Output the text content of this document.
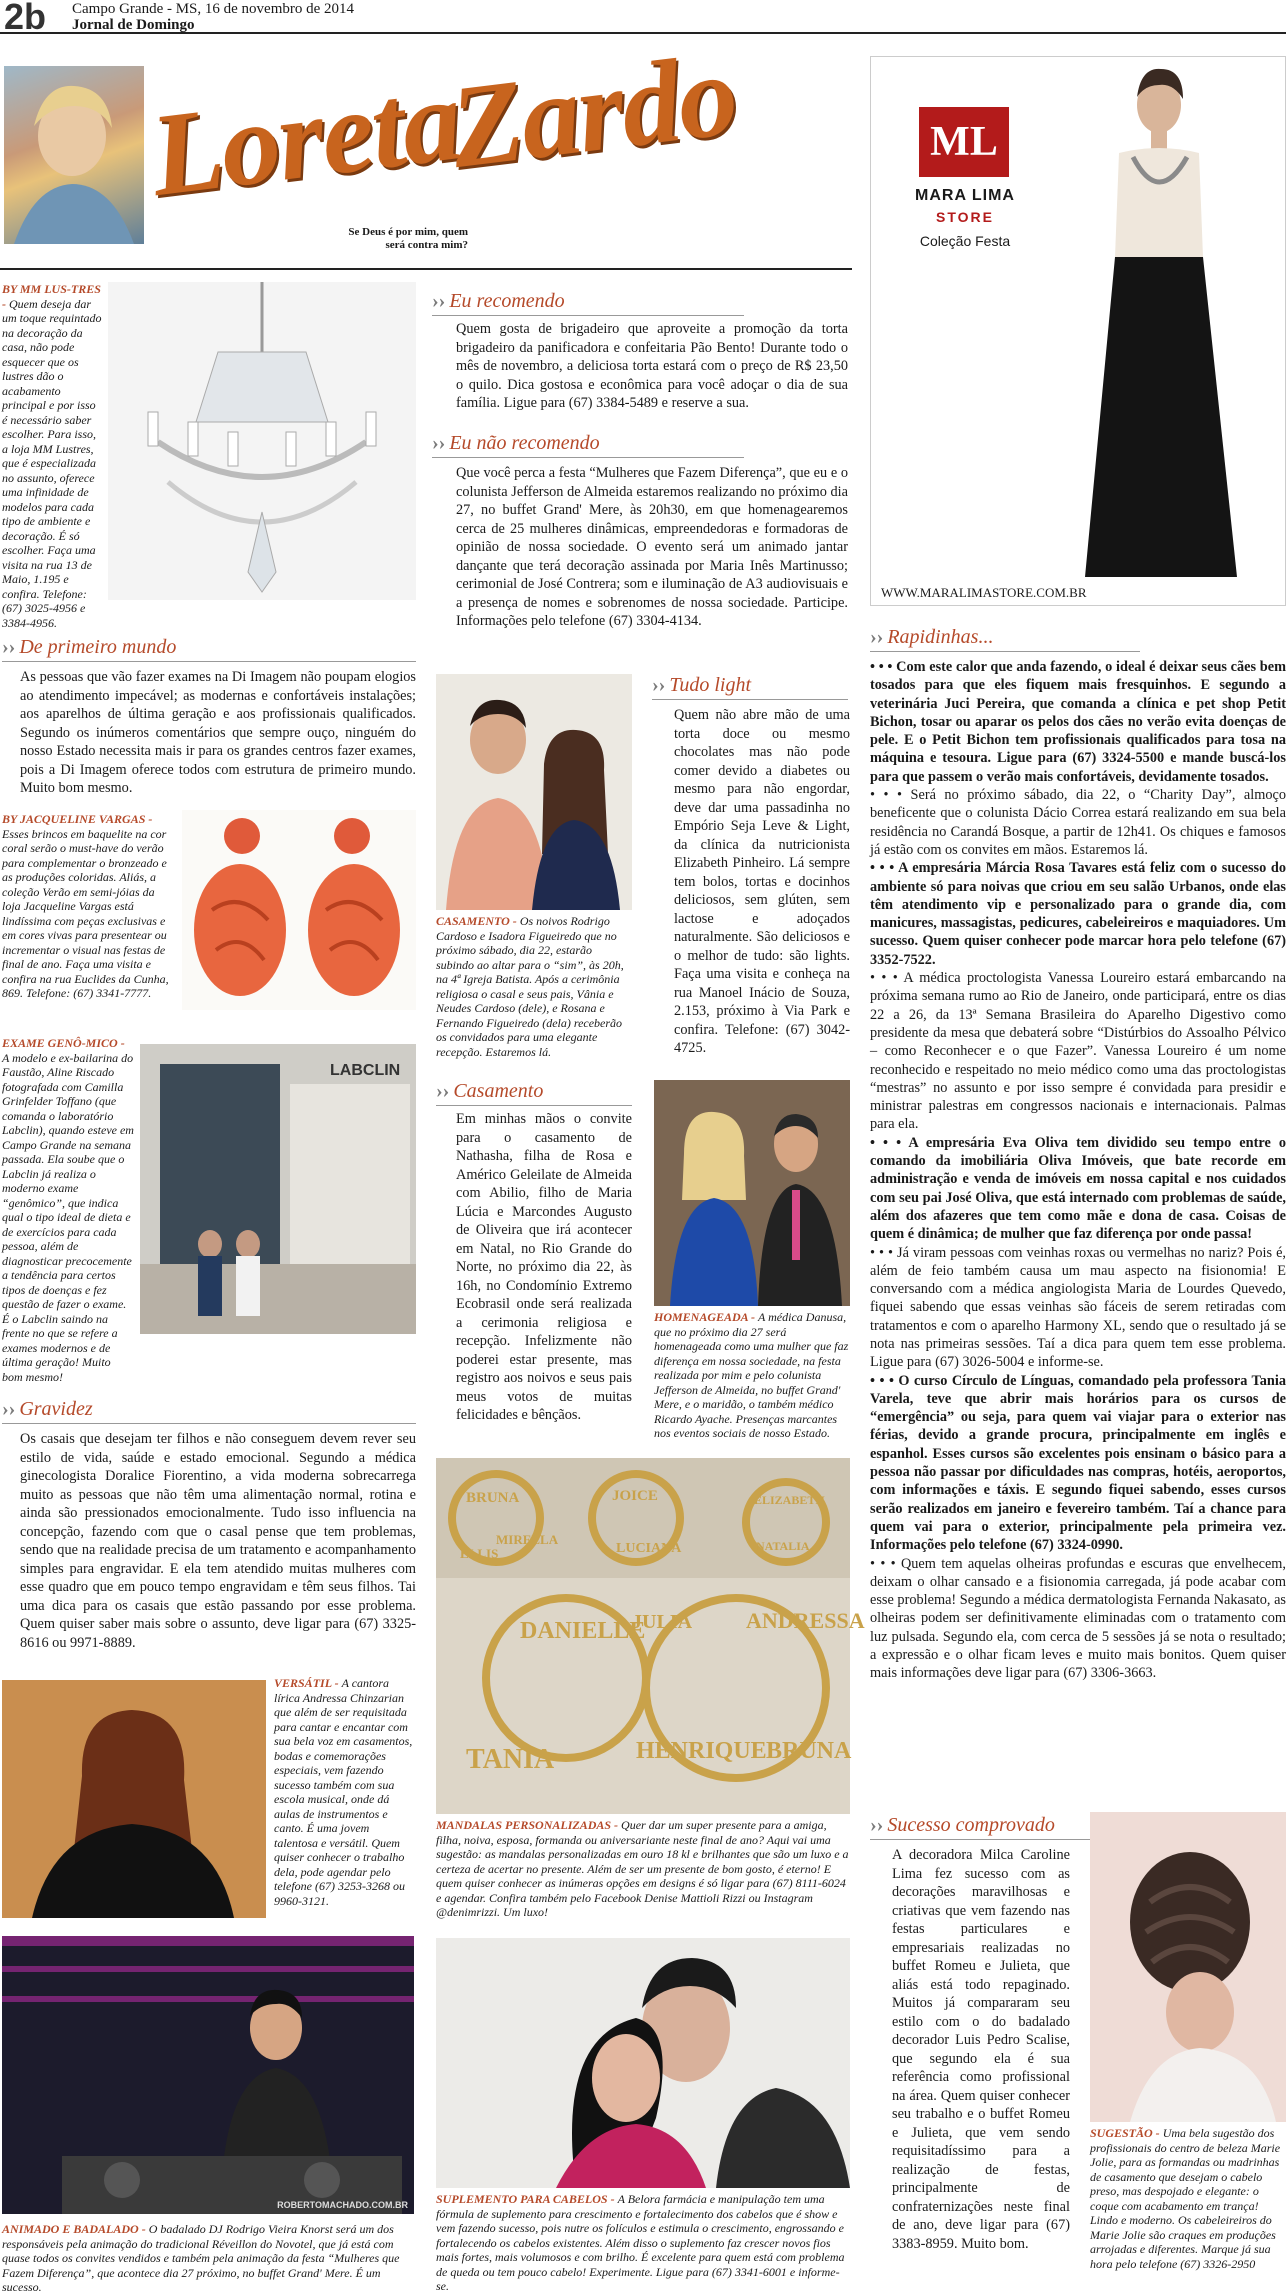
2b Campo Grande - MS, 16 de novembro de 2014
Jornal de Domingo
Loreta
Zardo
Se Deus é por mim, quem será contra mim?
ML
MARA LIMA
STORE
Coleção Festa
WWW.MARALIMASTORE.COM.BR
BY MM LUS-TRES - Quem deseja dar um toque requintado na decoração da casa, não pode esquecer que os lustres dão o acabamento principal e por isso é necessário saber escolher. Para isso, a loja MM Lustres, que é especializada no assunto, oferece uma infinidade de modelos para cada tipo de ambiente e decoração. É só escolher. Faça uma visita na rua 13 de Maio, 1.195 e confira. Telefone: (67) 3025-4956 e 3384-4956.
›› Eu recomendo
Quem gosta de brigadeiro que aproveite a promoção da torta brigadeiro da panificadora e confeitaria Pão Bento! Durante todo o mês de novembro, a deliciosa torta estará com o preço de R$ 23,50 o quilo. Dica gostosa e econômica para você adoçar o dia de sua família. Ligue para (67) 3384-5489 e reserve a sua.
›› Eu não recomendo
Que você perca a festa “Mulheres que Fazem Diferença”, que eu e o colunista Jefferson de Almeida estaremos realizando no próximo dia 27, no buffet Grand' Mere, às 20h30, em que homenagearemos cerca de 25 mulheres dinâmicas, empreendedoras e formadoras de opinião de nossa sociedade. O evento será um animado jantar dançante que terá decoração assinada por Maria Inês Martinusso; cerimonial de José Contrera; som e iluminação de A3 audiovisuais e a presença de nomes e sobrenomes de nossa sociedade. Participe. Informações pelo telefone (67) 3304-4134.
›› De primeiro mundo
As pessoas que vão fazer exames na Di Imagem não poupam elogios ao atendimento impecável; as modernas e confortáveis instalações; aos aparelhos de última geração e aos profissionais qualificados. Segundo os inúmeros comentários que sempre ouço, ninguém do nosso Estado necessita mais ir para os grandes centros fazer exames, pois a Di Imagem oferece todos com estrutura de primeiro mundo. Muito bom mesmo.
BY JACQUELINE VARGAS - Esses brincos em baquelite na cor coral serão o must-have do verão para complementar o bronzeado e as produções coloridas. Aliás, a coleção Verão em semi-jóias da loja Jacqueline Vargas está lindíssima com peças exclusivas e em cores vivas para presentear ou incrementar o visual nas festas de final de ano. Faça uma visita e confira na rua Euclides da Cunha, 869. Telefone: (67) 3341-7777.
EXAME GENÔ-MICO - A modelo e ex-bailarina do Faustão, Aline Riscado fotografada com Camilla Grinfelder Toffano (que comanda o laboratório Labclin), quando esteve em Campo Grande na semana passada. Ela soube que o Labclin já realiza o moderno exame “genômico”, que indica qual o tipo ideal de dieta e de exercícios para cada pessoa, além de diagnosticar precocemente a tendência para certos tipos de doenças e fez questão de fazer o exame. É o Labclin saindo na frente no que se refere a exames modernos e de última geração! Muito bom mesmo!
LABCLIN
CASAMENTO - Os noivos Rodrigo Cardoso e Isadora Figueiredo que no próximo sábado, dia 22, estarão subindo ao altar para o “sim”, às 20h, na 4ª Igreja Batista. Após a cerimônia religiosa o casal e seus pais, Vânia e Neudes Cardoso (dele), e Rosana e Fernando Figueiredo (dela) receberão os convidados para uma elegante recepção. Estaremos lá.
›› Tudo light
Quem não abre mão de uma torta doce ou mesmo chocolates mas não pode comer devido a diabetes ou mesmo para não engordar, deve dar uma passadinha no Empório Seja Leve & Light, da clínica da nutricionista Elizabeth Pinheiro. Lá sempre tem bolos, tortas e docinhos deliciosos, sem glúten, sem lactose e adoçados naturalmente. São deliciosos e o melhor de tudo: são lights. Faça uma visita e conheça na rua Manoel Inácio de Souza, 2.153, próximo à Via Park e confira. Telefone: (67) 3042-4725.
›› Casamento
Em minhas mãos o convite para o casamento de Nathasha, filha de Rosa e Américo Geleilate de Almeida com Abilio, filho de Maria Lúcia e Marcondes Augusto de Oliveira que irá acontecer em Natal, no Rio Grande do Norte, no próximo dia 22, às 16h, no Condomínio Extremo Ecobrasil onde será realizada a cerimonia religiosa e recepção. Infelizmente não poderei estar presente, mas registro aos noivos e seus pais meus votos de muitas felicidades e bênçãos.
HOMENAGEADA - A médica Danusa, que no próximo dia 27 será homenageada como uma mulher que faz diferença em nossa sociedade, na festa realizada por mim e pelo colunista Jefferson de Almeida, no buffet Grand' Mere, e o maridão, o também médico Ricardo Ayache. Presenças marcantes nos eventos sociais de nosso Estado.
›› Gravidez
Os casais que desejam ter filhos e não conseguem devem rever seu estilo de vida, saúde e estado emocional. Segundo a médica ginecologista Doralice Fiorentino, a vida moderna sobrecarrega muito as pessoas que não têm uma alimentação normal, rotina e ainda são pressionados emocionalmente. Tudo isso influencia na concepção, fazendo com que o casal pense que tem problemas, sendo que na realidade precisa de um tratamento e acompanhamento simples para engravidar. E ela tem atendido muitas mulheres com esse quadro que em pouco tempo engravidam e têm seus filhos. Tai uma dica para os casais que estão passando por esse problema. Quem quiser saber mais sobre o assunto, deve ligar para (67) 3325-8616 ou 9971-8889.
BRUNA	JOICE	ELIZABETH
MIRELLA
LUCIANA	NATALIA
ELLIS
DANIELLE
JULIA ANDRESSA
TANIA	HENRIQUE BRUNA
MANDALAS PERSONALIZADAS - Quer dar um super presente para a amiga, filha, noiva, esposa, formanda ou aniversariante neste final de ano? Aqui vai uma sugestão: as mandalas personalizadas em ouro 18 kl e brilhantes que são um luxo e a certeza de acertar no presente. Além de ser um presente de bom gosto, é eterno! E quem quiser conhecer as inúmeras opções em designs é só ligar para (67) 8111-6024 e agendar. Confira também pelo Facebook Denise Mattioli Rizzi ou Instagram @denimrizzi. Um luxo!
VERSÁTIL - A cantora lírica Andressa Chinzarian que além de ser requisitada para cantar e encantar com sua bela voz em casamentos, bodas e comemorações especiais, vem fazendo sucesso também com sua escola musical, onde dá aulas de instrumentos e canto. É uma jovem talentosa e versátil. Quem quiser conhecer o trabalho dela, pode agendar pelo telefone (67) 3253-3268 ou 9960-3121.
ROBERTOMACHADO.COM.BR
ANIMADO E BADALADO - O badalado DJ Rodrigo Vieira Knorst será um dos responsáveis pela animação do tradicional Réveillon do Novotel, que já está com quase todos os convites vendidos e também pela animação da festa “Mulheres que Fazem Diferença”, que acontece dia 27 próximo, no buffet Grand' Mere. É um sucesso.
SUPLEMENTO PARA CABELOS - A Belora farmácia e manipulação tem uma fórmula de suplemento para crescimento e fortalecimento dos cabelos que é show e vem fazendo sucesso, pois nutre os folículos e estimula o crescimento, engrossando e fortalecendo os cabelos existentes. Além disso o suplemento faz crescer novos fios mais fortes, mais volumosos e com brilho. É excelente para quem está com problema de queda ou tem pouco cabelo! Experimente. Ligue para (67) 3341-6001 e informe-se.
›› Rapidinhas...

• • • Com este calor que anda fazendo, o ideal é deixar seus cães bem tosados para que eles fiquem mais fresquinhos. E segundo a veterinária Juci Pereira, que comanda a clínica e pet shop Petit Bichon, tosar ou aparar os pelos dos cães no verão evita doenças de pele. E o Petit Bichon tem profissionais qualificados para tosa na máquina e tesoura. Ligue para (67) 3324-5500 e mande buscá-los para que passem o verão mais confortáveis, devidamente tosados.

• • • Será no próximo sábado, dia 22, o “Charity Day”, almoço beneficente que o colunista Dácio Correa estará realizando em sua bela residência no Carandá Bosque, a partir de 12h41. Os chiques e famosos já estão com os convites em mãos. Estaremos lá.

• • • A empresária Márcia Rosa Tavares está feliz com o sucesso do ambiente só para noivas que criou em seu salão Urbanos, onde elas têm atendimento vip e personalizado para o grande dia, com manicures, massagistas, pedicures, cabeleireiros e maquiadores. Um sucesso. Quem quiser conhecer pode marcar hora pelo telefone (67) 3352-7522.

• • • A médica proctologista Vanessa Loureiro estará embarcando na próxima semana rumo ao Rio de Janeiro, onde participará, entre os dias 22 a 26, da 13ª Semana Brasileira do Aparelho Digestivo como presidente da mesa que debaterá sobre “Distúrbios do Assoalho Pélvico – como Reconhecer e o que Fazer”. Vanessa Loureiro é um nome reconhecido e respeitado no meio médico como uma das proctologistas “mestras” no assunto e por isso sempre é convidada para presidir e ministrar palestras em congressos nacionais e internacionais. Palmas para ela.

• • • A empresária Eva Oliva tem dividido seu tempo entre o comando da imobiliária Oliva Imóveis, que bate recorde em administração e venda de imóveis em nossa capital e nos cuidados com seu pai José Oliva, que está internado com problemas de saúde, além dos afazeres que tem como mãe e dona de casa. Coisas de quem é dinâmica; de mulher que faz diferença por onde passa!

• • • Já viram pessoas com veinhas roxas ou vermelhas no nariz? Pois é, além de feio também causa um mau aspecto na fisionomia! E conversando com a médica angiologista Maria de Lourdes Quevedo, fiquei sabendo que essas veinhas são fáceis de serem retiradas com tratamentos e com o aparelho Harmony XL, sendo que o resultado já se nota nas primeiras sessões. Taí a dica para quem tem esse problema. Ligue para (67) 3026-5004 e informe-se.

• • • O curso Círculo de Línguas, comandado pela professora Tania Varela, teve que abrir mais horários para os cursos de “emergência” ou seja, para quem vai viajar para o exterior nas férias, devido a grande procura, principalmente em inglês e espanhol. Esses cursos são excelentes pois ensinam o básico para a pessoa não passar por dificuldades nas compras, hotéis, aeroportos, com informações e táxis. E segundo fiquei sabendo, esses cursos serão realizados em janeiro e fevereiro também. Taí a chance para quem vai para o exterior, principalmente pela primeira vez. Informações pelo telefone (67) 3324-0990.

• • • Quem tem aquelas olheiras profundas e escuras que envelhecem, deixam o olhar cansado e a fisionomia carregada, já pode acabar com esse problema! Segundo a médica dermatologista Fernanda Nakasato, as olheiras podem ser definitivamente eliminadas com o tratamento com luz pulsada. Segundo ela, com cerca de 5 sessões já se nota o resultado; a expressão e o olhar ficam leves e muito mais bonitos. Quem quiser mais informações deve ligar para (67) 3306-3663.

›› Sucesso comprovado
A decoradora Milca Caroline Lima fez sucesso com as decorações maravilhosas e criativas que vem fazendo nas festas particulares e empresariais realizadas no buffet Romeu e Julieta, que aliás está todo repaginado. Muitos já compararam seu estilo com o do badalado decorador Luis Pedro Scalise, que segundo ela é sua referência como profissional na área. Quem quiser conhecer seu trabalho e o buffet Romeu e Julieta, que vem sendo requisitadíssimo para a realização de festas, principalmente de confraternizações neste final de ano, deve ligar para (67) 3383-8959. Muito bom.
SUGESTÃO - Uma bela sugestão dos profissionais do centro de beleza Marie Jolie, para as formandas ou madrinhas de casamento que desejam o cabelo preso, mas despojado e elegante: o coque com acabamento em trança! Lindo e moderno. Os cabeleireiros do Marie Jolie são craques em produções arrojadas e diferentes. Marque já sua hora pelo telefone (67) 3326-2950
